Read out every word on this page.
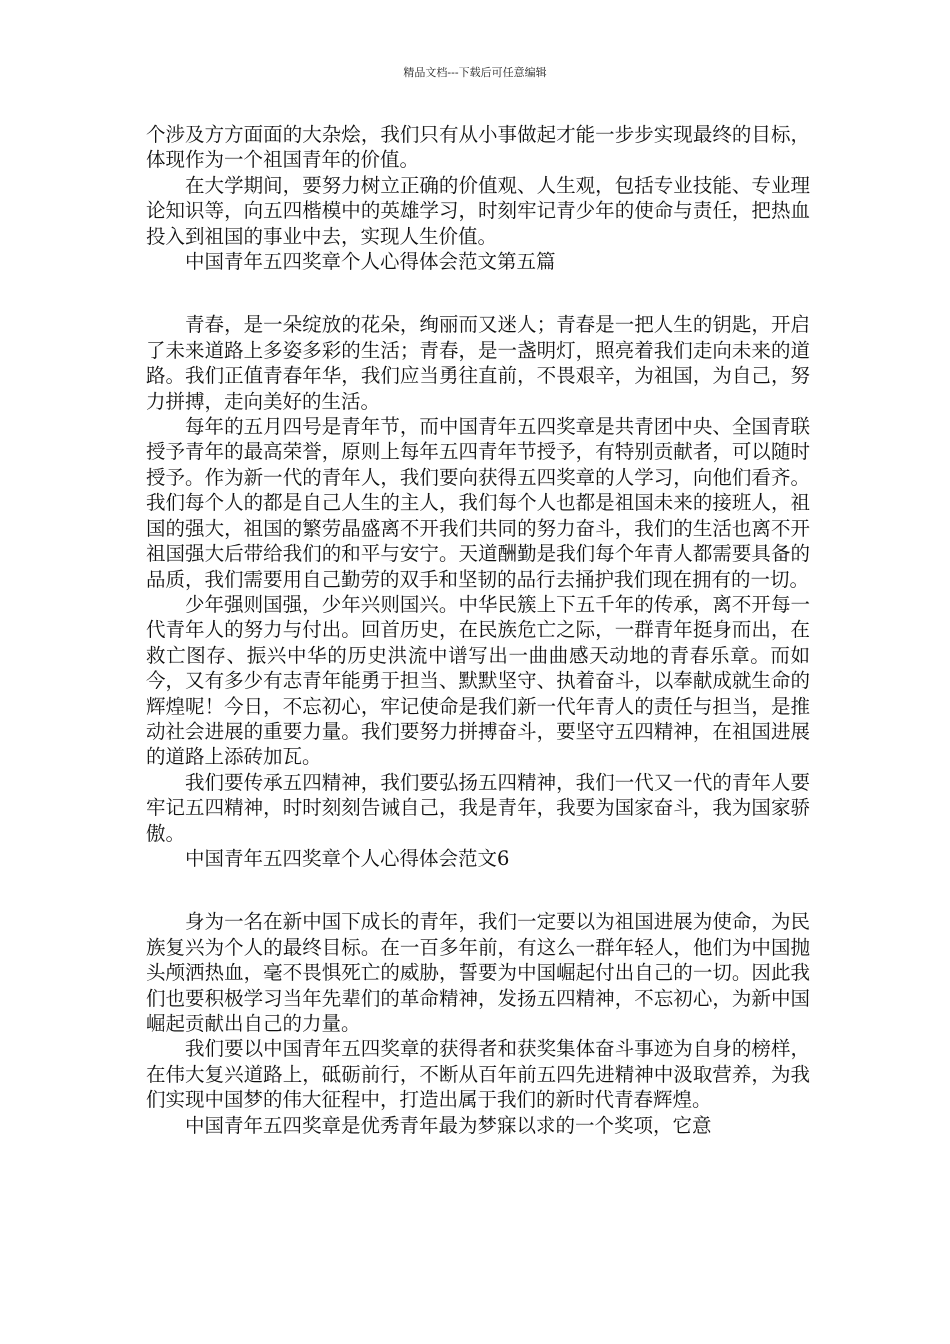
精品文档---下载后可任意编辑

个涉及方方面面的大杂烩，我们只有从小事做起才能一步步实现最终的目标，体现作为一个祖国青年的价值。

在大学期间，要努力树立正确的价值观、人生观，包括专业技能、专业理论知识等，向五四楷模中的英雄学习，时刻牢记青少年的使命与责任，把热血投入到祖国的事业中去，实现人生价值。

中国青年五四奖章个人心得体会范文第五篇

青春，是一朵绽放的花朵，绚丽而又迷人；青春是一把人生的钥匙，开启了未来道路上多姿多彩的生活；青春，是一盏明灯，照亮着我们走向未来的道路。我们正值青春年华，我们应当勇往直前，不畏艰辛，为祖国，为自己，努力拼搏，走向美好的生活。

每年的五月四号是青年节，而中国青年五四奖章是共青团中央、全国青联授予青年的最高荣誉，原则上每年五四青年节授予，有特别贡献者，可以随时授予。作为新一代的青年人，我们要向获得五四奖章的人学习，向他们看齐。我们每个人的都是自己人生的主人，我们每个人也都是祖国未来的接班人，祖国的强大，祖国的繁劳晶盛离不开我们共同的努力奋斗，我们的生活也离不开祖国强大后带给我们的和平与安宁。天道酬勤是我们每个年青人都需要具备的品质，我们需要用自己勤劳的双手和坚韧的品行去捅护我们现在拥有的一切。

少年强则国强，少年兴则国兴。中华民簇上下五千年的传承，离不开每一代青年人的努力与付出。回首历史，在民族危亡之际，一群青年挺身而出，在救亡图存、振兴中华的历史洪流中谱写出一曲曲感天动地的青春乐章。而如今，又有多少有志青年能勇于担当、默默坚守、执着奋斗，以奉献成就生命的辉煌呢！今日，不忘初心，牢记使命是我们新一代年青人的责任与担当，是推动社会进展的重要力量。我们要努力拼搏奋斗，要坚守五四精神，在祖国进展的道路上添砖加瓦。

我们要传承五四精神，我们要弘扬五四精神，我们一代又一代的青年人要牢记五四精神，时时刻刻告诫自己，我是青年，我要为国家奋斗，我为国家骄傲。

中国青年五四奖章个人心得体会范文6

身为一名在新中国下成长的青年，我们一定要以为祖国进展为使命，为民族复兴为个人的最终目标。在一百多年前，有这么一群年轻人，他们为中国抛头颅洒热血，毫不畏惧死亡的威胁，誓要为中国崛起付出自己的一切。因此我们也要积极学习当年先辈们的革命精神，发扬五四精神，不忘初心，为新中国崛起贡献出自己的力量。

我们要以中国青年五四奖章的获得者和获奖集体奋斗事迹为自身的榜样，在伟大复兴道路上，砥砺前行，不断从百年前五四先进精神中汲取营养，为我们实现中国梦的伟大征程中，打造出属于我们的新时代青春辉煌。

中国青年五四奖章是优秀青年最为梦寐以求的一个奖项，它意
